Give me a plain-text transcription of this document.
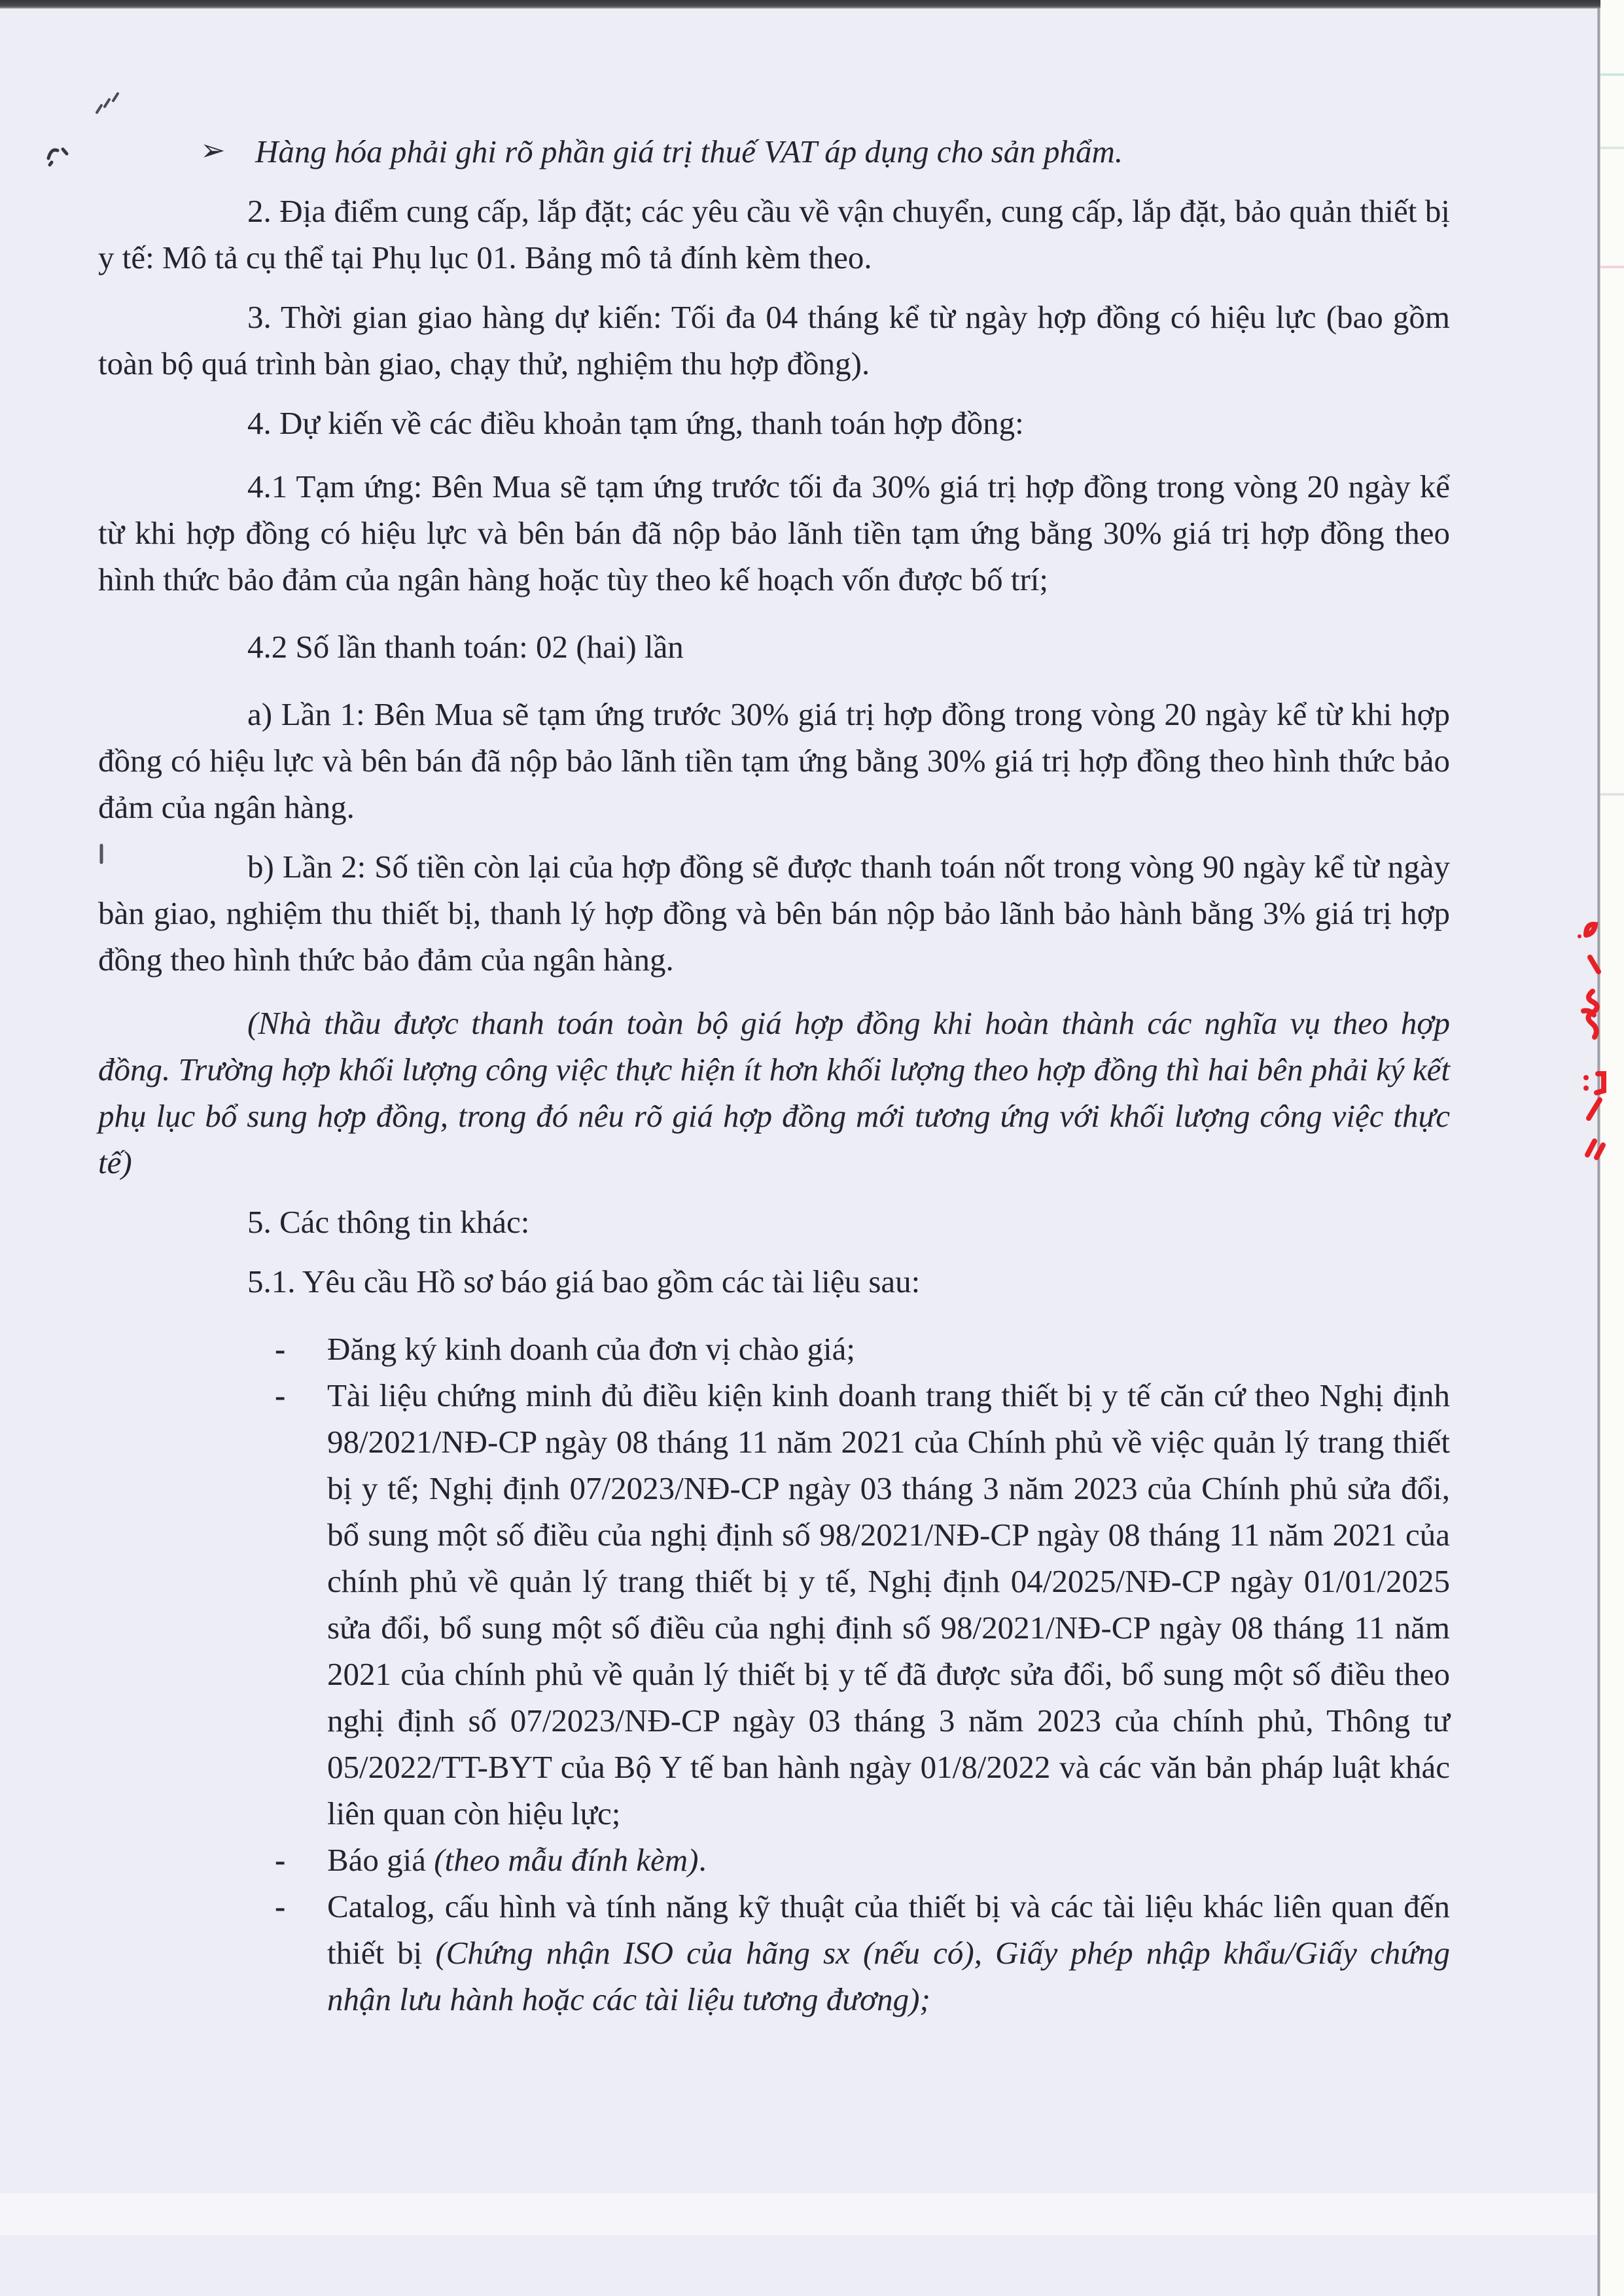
➢ Hàng hóa phải ghi rõ phần giá trị thuế VAT áp dụng cho sản phẩm.
2. Địa điểm cung cấp, lắp đặt; các yêu cầu về vận chuyển, cung cấp, lắp đặt, bảo quản thiết bị y tế: Mô tả cụ thể tại Phụ lục 01. Bảng mô tả đính kèm theo.
3. Thời gian giao hàng dự kiến: Tối đa 04 tháng kể từ ngày hợp đồng có hiệu lực (bao gồm toàn bộ quá trình bàn giao, chạy thử, nghiệm thu hợp đồng).
4. Dự kiến về các điều khoản tạm ứng, thanh toán hợp đồng:
4.1 Tạm ứng: Bên Mua sẽ tạm ứng trước tối đa 30% giá trị hợp đồng trong vòng 20 ngày kể từ khi hợp đồng có hiệu lực và bên bán đã nộp bảo lãnh tiền tạm ứng bằng 30% giá trị hợp đồng theo hình thức bảo đảm của ngân hàng hoặc tùy theo kế hoạch vốn được bố trí;
4.2 Số lần thanh toán: 02 (hai) lần
a) Lần 1: Bên Mua sẽ tạm ứng trước 30% giá trị hợp đồng trong vòng 20 ngày kể từ khi hợp đồng có hiệu lực và bên bán đã nộp bảo lãnh tiền tạm ứng bằng 30% giá trị hợp đồng theo hình thức bảo đảm của ngân hàng.
b) Lần 2: Số tiền còn lại của hợp đồng sẽ được thanh toán nốt trong vòng 90 ngày kể từ ngày bàn giao, nghiệm thu thiết bị, thanh lý hợp đồng và bên bán nộp bảo lãnh bảo hành bằng 3% giá trị hợp đồng theo hình thức bảo đảm của ngân hàng.
(Nhà thầu được thanh toán toàn bộ giá hợp đồng khi hoàn thành các nghĩa vụ theo hợp đồng. Trường hợp khối lượng công việc thực hiện ít hơn khối lượng theo hợp đồng thì hai bên phải ký kết phụ lục bổ sung hợp đồng, trong đó nêu rõ giá hợp đồng mới tương ứng với khối lượng công việc thực tế)
5. Các thông tin khác:
5.1. Yêu cầu Hồ sơ báo giá bao gồm các tài liệu sau:
- Đăng ký kinh doanh của đơn vị chào giá;
- Tài liệu chứng minh đủ điều kiện kinh doanh trang thiết bị y tế căn cứ theo Nghị định 98/2021/NĐ-CP ngày 08 tháng 11 năm 2021 của Chính phủ về việc quản lý trang thiết bị y tế; Nghị định 07/2023/NĐ-CP ngày 03 tháng 3 năm 2023 của Chính phủ sửa đổi, bổ sung một số điều của nghị định số 98/2021/NĐ-CP ngày 08 tháng 11 năm 2021 của chính phủ về quản lý trang thiết bị y tế, Nghị định 04/2025/NĐ-CP ngày 01/01/2025 sửa đổi, bổ sung một số điều của nghị định số 98/2021/NĐ-CP ngày 08 tháng 11 năm 2021 của chính phủ về quản lý thiết bị y tế đã được sửa đổi, bổ sung một số điều theo nghị định số 07/2023/NĐ-CP ngày 03 tháng 3 năm 2023 của chính phủ, Thông tư 05/2022/TT-BYT của Bộ Y tế ban hành ngày 01/8/2022 và các văn bản pháp luật khác liên quan còn hiệu lực;
- Báo giá (theo mẫu đính kèm).
- Catalog, cấu hình và tính năng kỹ thuật của thiết bị và các tài liệu khác liên quan đến thiết bị (Chứng nhận ISO của hãng sx (nếu có), Giấy phép nhập khẩu/Giấy chứng nhận lưu hành hoặc các tài liệu tương đương);
